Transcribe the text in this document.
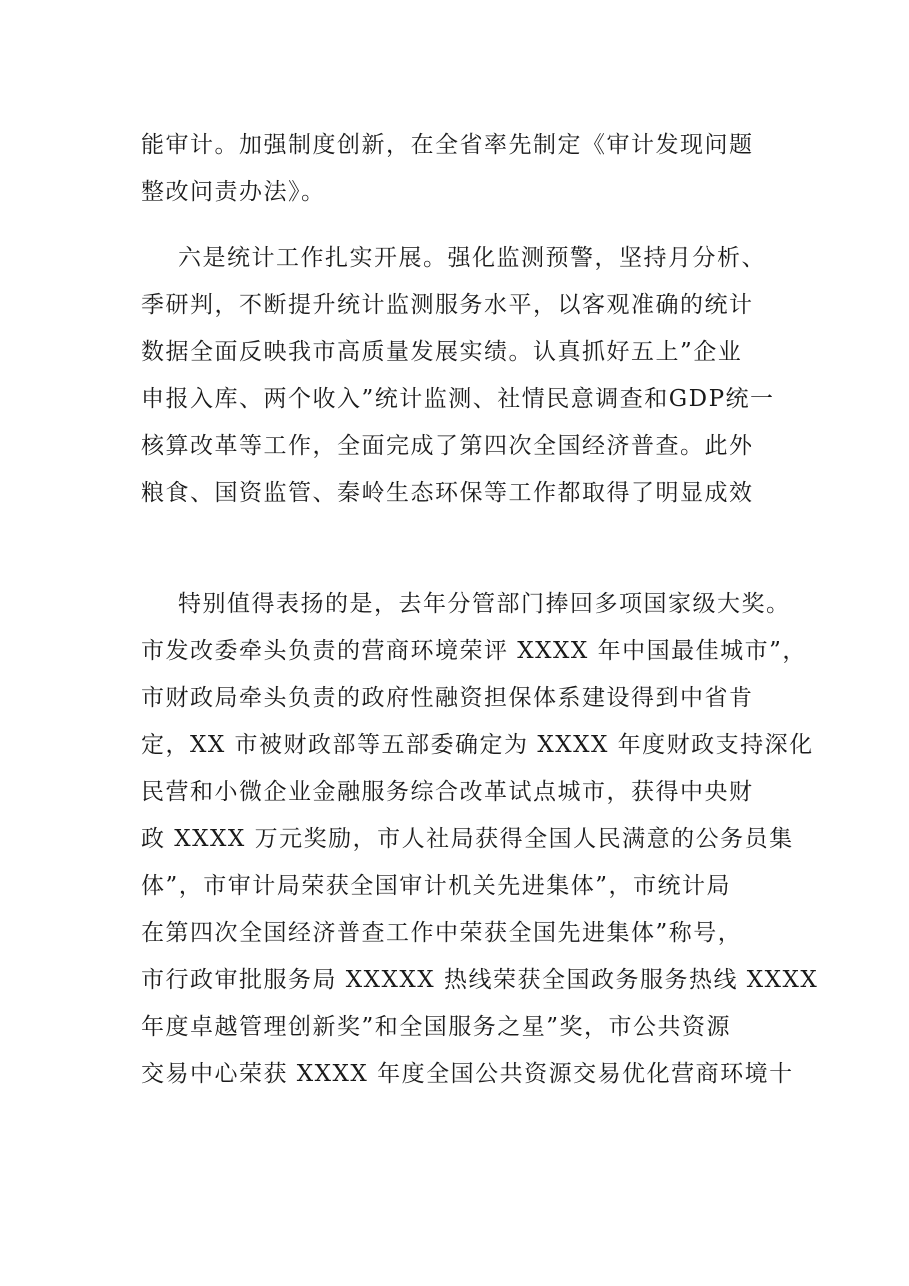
能审计。加强制度创新，在全省率先制定《审计发现问题
整改问责办法》。
六是统计工作扎实开展。强化监测预警，坚持月分析、
季研判，不断提升统计监测服务水平，以客观准确的统计
数据全面反映我市高质量发展实绩。认真抓好五上”企业
申报入库、两个收入”统计监测、社情民意调查和GDP统一
核算改革等工作，全面完成了第四次全国经济普查。此外
粮食、国资监管、秦岭生态环保等工作都取得了明显成效
特别值得表扬的是，去年分管部门捧回多项国家级大奖。
市发改委牵头负责的营商环境荣评 XXXX 年中国最佳城市”，
市财政局牵头负责的政府性融资担保体系建设得到中省肯
定，XX 市被财政部等五部委确定为 XXXX 年度财政支持深化
民营和小微企业金融服务综合改革试点城市，获得中央财
政 XXXX 万元奖励，市人社局获得全国人民满意的公务员集
体”，市审计局荣获全国审计机关先进集体”，市统计局
在第四次全国经济普查工作中荣获全国先进集体”称号，
市行政审批服务局 XXXXX 热线荣获全国政务服务热线 XXXX
年度卓越管理创新奖”和全国服务之星”奖，市公共资源
交易中心荣获 XXXX 年度全国公共资源交易优化营商环境十
